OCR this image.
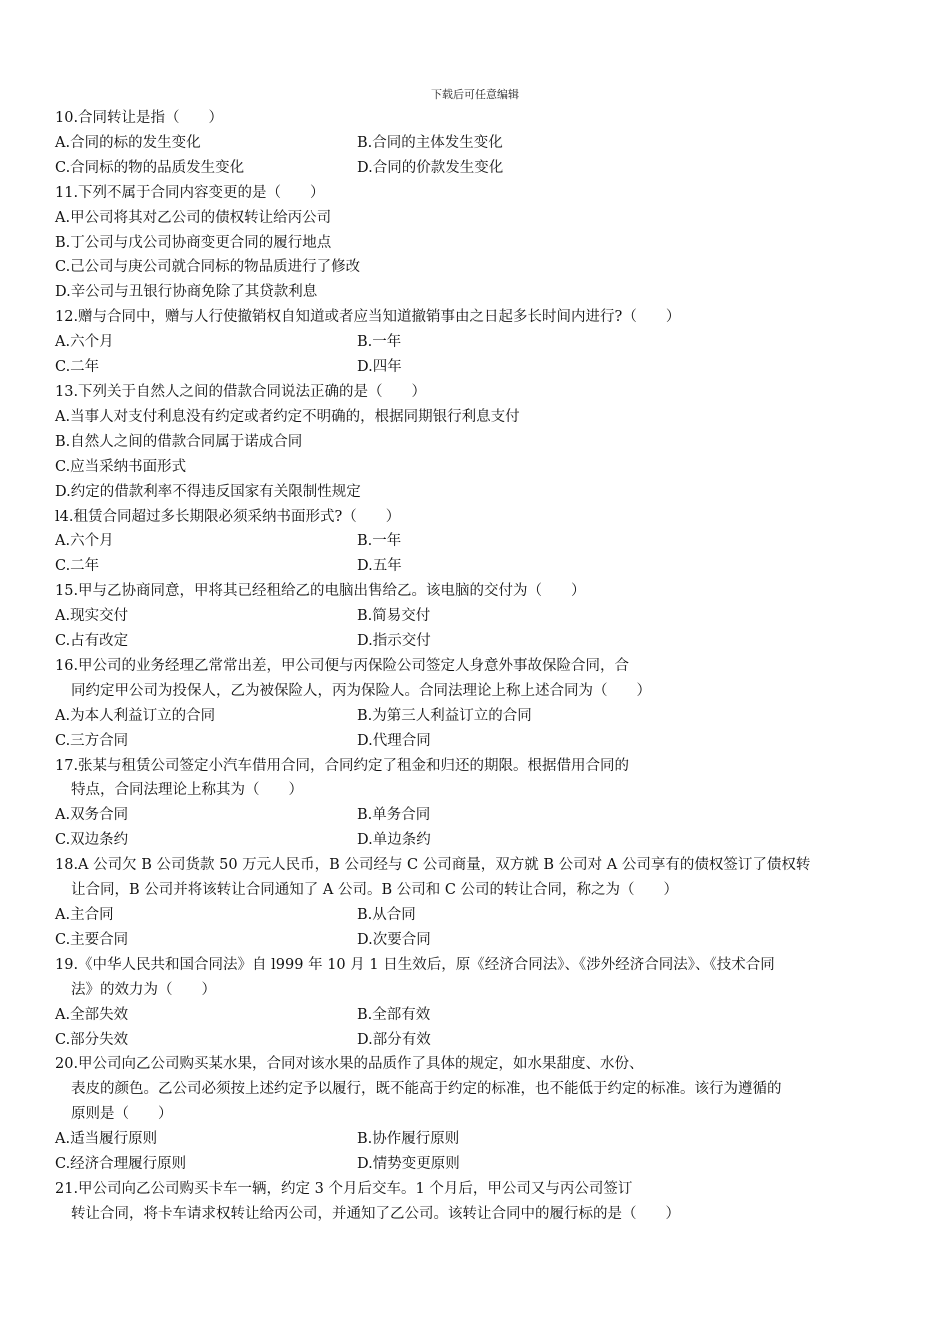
下载后可任意编辑
10.合同转让是指（　　）
A.合同的标的发生变化	B.合同的主体发生变化
C.合同标的物的品质发生变化	D.合同的价款发生变化
11.下列不属于合同内容变更的是（　　）
A.甲公司将其对乙公司的债权转让给丙公司
B.丁公司与戊公司协商变更合同的履行地点
C.己公司与庚公司就合同标的物品质进行了修改
D.辛公司与丑银行协商免除了其贷款利息
12.赠与合同中，赠与人行使撤销权自知道或者应当知道撤销事由之日起多长时间内进行?（　　）
A.六个月	B.一年
C.二年	D.四年
13.下列关于自然人之间的借款合同说法正确的是（　　）
A.当事人对支付利息没有约定或者约定不明确的，根据同期银行利息支付
B.自然人之间的借款合同属于诺成合同
C.应当采纳书面形式
D.约定的借款利率不得违反国家有关限制性规定
l4.租赁合同超过多长期限必须采纳书面形式?（　　）
A.六个月	B.一年
C.二年	D.五年
15.甲与乙协商同意，甲将其已经租给乙的电脑出售给乙。该电脑的交付为（　　）
A.现实交付	B.简易交付
C.占有改定	D.指示交付
16.甲公司的业务经理乙常常出差，甲公司便与丙保险公司签定人身意外事故保险合同，合
同约定甲公司为投保人，乙为被保险人，丙为保险人。合同法理论上称上述合同为（　　）
A.为本人利益订立的合同	B.为第三人利益订立的合同
C.三方合同	D.代理合同
17.张某与租赁公司签定小汽车借用合同，合同约定了租金和归还的期限。根据借用合同的
特点，合同法理论上称其为（　　）
A.双务合同	B.单务合同
C.双边条约	D.单边条约
18.A 公司欠 B 公司货款 50 万元人民币，B 公司经与 C 公司商量，双方就 B 公司对 A 公司享有的债权签订了债权转
让合同，B 公司并将该转让合同通知了 A 公司。B 公司和 C 公司的转让合同，称之为（　　）
A.主合同	B.从合同
C.主要合同	D.次要合同
19.《中华人民共和国合同法》自 l999 年 10 月 1 日生效后，原《经济合同法》、《涉外经济合同法》、《技术合同
法》的效力为（　　）
A.全部失效	B.全部有效
C.部分失效	D.部分有效
20.甲公司向乙公司购买某水果，合同对该水果的品质作了具体的规定，如水果甜度、水份、
表皮的颜色。乙公司必须按上述约定予以履行，既不能高于约定的标准，也不能低于约定的标准。该行为遵循的
原则是（　　）
A.适当履行原则	B.协作履行原则
C.经济合理履行原则	D.情势变更原则
21.甲公司向乙公司购买卡车一辆，约定 3 个月后交车。1 个月后，甲公司又与丙公司签订
转让合同，将卡车请求权转让给丙公司，并通知了乙公司。该转让合同中的履行标的是（　　）
